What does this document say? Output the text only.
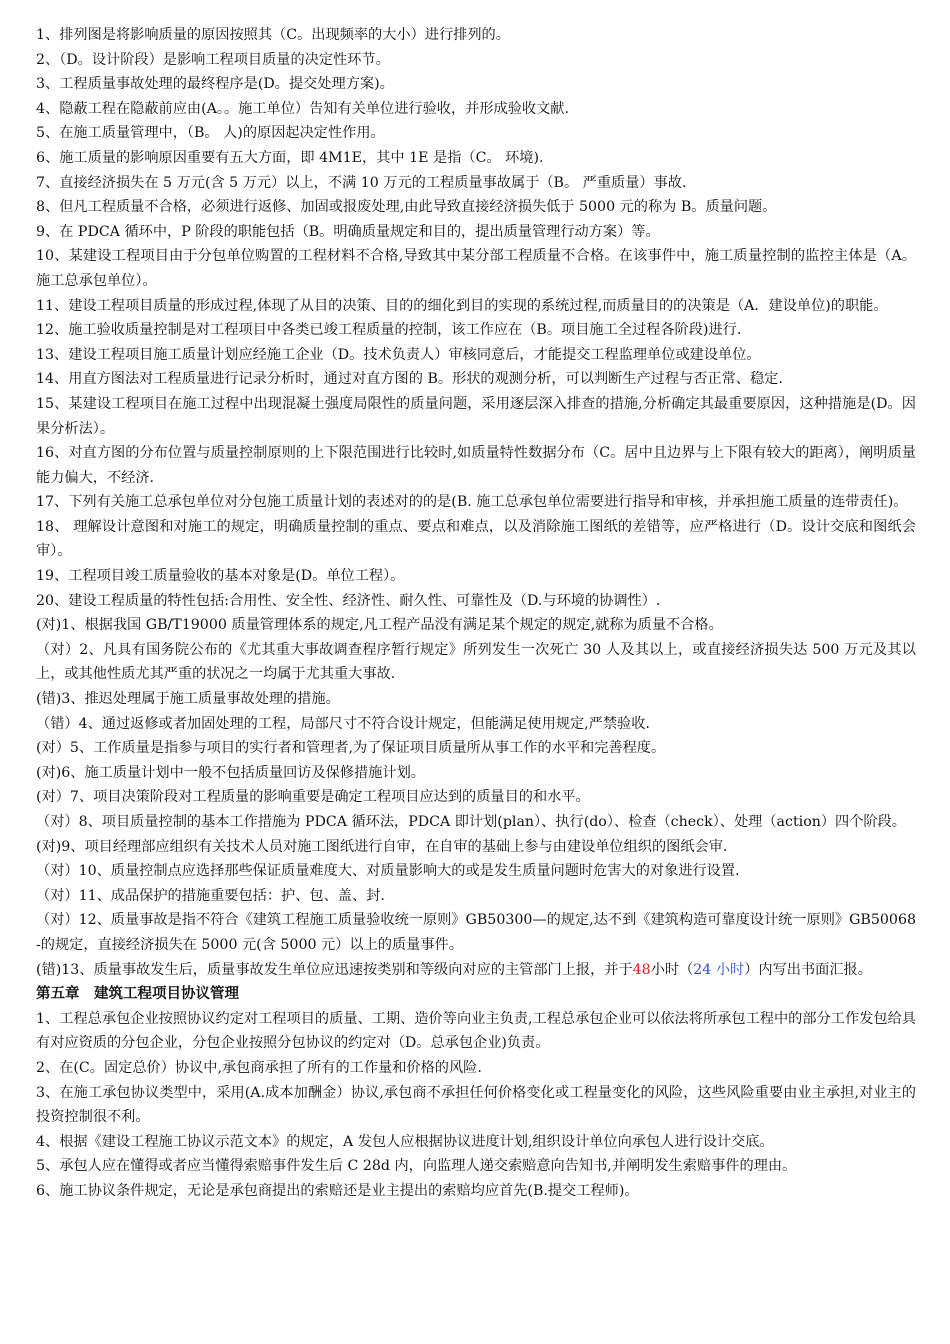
1、排列图是将影响质量的原因按照其（C。出现频率的大小）进行排列的。

2、（D。设计阶段）是影响工程项目质量的决定性环节。

3、工程质量事故处理的最终程序是(D。提交处理方案)。

4、隐蔽工程在隐蔽前应由(A。。施工单位）告知有关单位进行验收，并形成验收文献.

5、在施工质量管理中，（B。 人)的原因起决定性作用。

6、施工质量的影响原因重要有五大方面，即 4M1E，其中 1E 是指（C。 环境).

7、直接经济损失在 5 万元(含 5 万元）以上，不满 10 万元的工程质量事故属于（B。 严重质量）事故.

8、但凡工程质量不合格，必须进行返修、加固或报废处理,由此导致直接经济损失低于 5000 元的称为 B。质量问题。

9、在 PDCA 循环中，P 阶段的职能包括（B。明确质量规定和目的，提出质量管理行动方案）等。

10、某建设工程项目由于分包单位购置的工程材料不合格,导致其中某分部工程质量不合格。在该事件中，施工质量控制的监控主体是（A。施工总承包单位）。

11、建设工程项目质量的形成过程,体现了从目的决策、目的的细化到目的实现的系统过程,而质量目的的决策是（A．建设单位)的职能。

12、施工验收质量控制是对工程项目中各类已竣工程质量的控制，该工作应在（B。项目施工全过程各阶段)进行.

13、建设工程项目施工质量计划应经施工企业（D。技术负责人）审核同意后，才能提交工程监理单位或建设单位。

14、用直方图法对工程质量进行记录分析时，通过对直方图的 B。形状的观测分析，可以判断生产过程与否正常、稳定.

15、某建设工程项目在施工过程中出现混凝土强度局限性的质量问题，采用逐层深入排查的措施,分析确定其最重要原因，这种措施是(D。因果分析法）。

16、对直方图的分布位置与质量控制原则的上下限范围进行比较时,如质量特性数据分布（C。居中且边界与上下限有较大的距离），阐明质量能力偏大，不经济.

17、下列有关施工总承包单位对分包施工质量计划的表述对的的是(B. 施工总承包单位需要进行指导和审核，并承担施工质量的连带责任)。

18、 理解设计意图和对施工的规定，明确质量控制的重点、要点和难点，以及消除施工图纸的差错等，应严格进行（D。设计交底和图纸会审）。

19、工程项目竣工质量验收的基本对象是(D。单位工程）。

20、建设工程质量的特性包括:合用性、安全性、经济性、耐久性、可靠性及（D.与环境的协调性）.

(对)1、根据我国 GB/T19000 质量管理体系的规定,凡工程产品没有满足某个规定的规定,就称为质量不合格。

（对）2、凡具有国务院公布的《尤其重大事故调查程序暂行规定》所列发生一次死亡 30 人及其以上，或直接经济损失达 500 万元及其以上，或其他性质尤其严重的状况之一均属于尤其重大事故.

(错)3、推迟处理属于施工质量事故处理的措施。

（错）4、通过返修或者加固处理的工程，局部尺寸不符合设计规定，但能满足使用规定,严禁验收.

(对）5、工作质量是指参与项目的实行者和管理者,为了保证项目质量所从事工作的水平和完善程度。

(对)6、施工质量计划中一般不包括质量回访及保修措施计划。

(对）7、项目决策阶段对工程质量的影响重要是确定工程项目应达到的质量目的和水平。

（对）8、项目质量控制的基本工作措施为 PDCA 循环法，PDCA 即计划(plan）、执行(do）、检查（check）、处理（action）四个阶段。

(对)9、项目经理部应组织有关技术人员对施工图纸进行自审，在自审的基础上参与由建设单位组织的图纸会审.

（对）10、质量控制点应选择那些保证质量难度大、对质量影响大的或是发生质量问题时危害大的对象进行设置.

（对）11、成品保护的措施重要包括：护、包、盖、封.

（对）12、质量事故是指不符合《建筑工程施工质量验收统一原则》GB50300—的规定,达不到《建筑构造可靠度设计统一原则》GB50068-的规定，直接经济损失在 5000 元(含 5000 元）以上的质量事件。

(错)13、质量事故发生后，质量事故发生单位应迅速按类别和等级向对应的主管部门上报，并于48小时（24 小时）内写出书面汇报。

第五章　建筑工程项目协议管理

1、工程总承包企业按照协议约定对工程项目的质量、工期、造价等向业主负责,工程总承包企业可以依法将所承包工程中的部分工作发包给具有对应资质的分包企业，分包企业按照分包协议的约定对（D。总承包企业)负责。

2、在(C。固定总价）协议中,承包商承担了所有的工作量和价格的风险.

3、在施工承包协议类型中，采用(A.成本加酬金）协议,承包商不承担任何价格变化或工程量变化的风险，这些风险重要由业主承担,对业主的投资控制很不利。

4、根据《建设工程施工协议示范文本》的规定，A 发包人应根据协议进度计划,组织设计单位向承包人进行设计交底。

5、承包人应在懂得或者应当懂得索赔事件发生后 C 28d 内，向监理人递交索赔意向告知书,并阐明发生索赔事件的理由。

6、施工协议条件规定，无论是承包商提出的索赔还是业主提出的索赔均应首先(B.提交工程师)。
